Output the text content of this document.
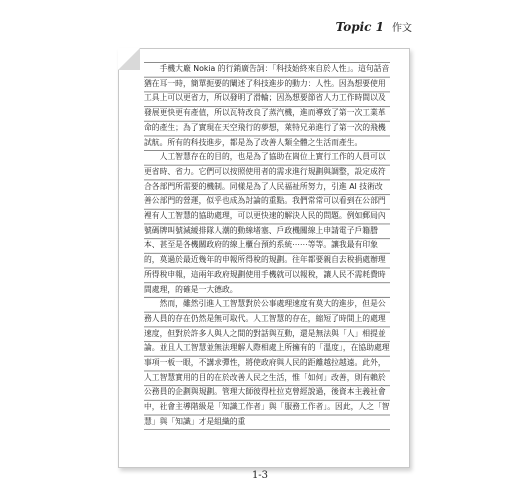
Topic 1 作文

手機大廠 Nokia 的行銷廣告詞：「科技始終來自於人性」。這句話音猶在耳一時，簡單扼要的闡述了科技進步的動力：人性。因為想要使用工具上可以更省力，所以發明了滑輪；因為想要節省人力工作時間以及發展更快更有產值，所以瓦特改良了蒸汽機，進而導致了第一次工業革命的產生；為了實現在天空飛行的夢想，萊特兄弟進行了第一次的飛機試航。所有的科技進步，都是為了改善人類全體之生活而產生。

人工智慧存在的目的，也是為了協助在崗位上實行工作的人員可以更省時、省力。它們可以按照使用者的需求進行規劃與調整，設定成符合各部門所需要的機制。同樣是為了人民福祉所努力，引進 AI 技術改善公部門的營運，似乎也成為討論的重點。我們常常可以看到在公部門裡有人工智慧的協助處理，可以更快速的解決人民的問題。例如郵局內號碼牌叫號減緩排隊人潮的動線堵塞、戶政機關線上申請電子戶籍謄本、甚至是各機關政府的線上櫃台預約系統⋯⋯等等。讓我最有印象的，莫過於最近幾年的申報所得稅的規劃。往年都要親自去稅捐處辦理所得稅申報，這兩年政府規劃使用手機就可以報稅，讓人民不需耗費時間處理，的確是一大德政。

然而，雖然引進人工智慧對於公事處理速度有莫大的進步，但是公務人員的存在仍然是無可取代。人工智慧的存在，縮短了時間上的處理速度，但對於許多人與人之間的對話與互動，還是無法與「人」相提並論。並且人工智慧並無法理解人際相處上所擁有的「溫度」，在協助處理事項一板一眼，不講求彈性，將使政府與人民的距離越拉越遠。此外，人工智慧實用的目的在於改善人民之生活，惟「如何」改善，則有賴於公務員的企劃與規劃。管理大師彼得杜拉克曾經說過，後資本主義社會中，社會主導階級是「知識工作者」與「服務工作者」。因此，人之「智慧」與「知識」才是組織的重

1-3
